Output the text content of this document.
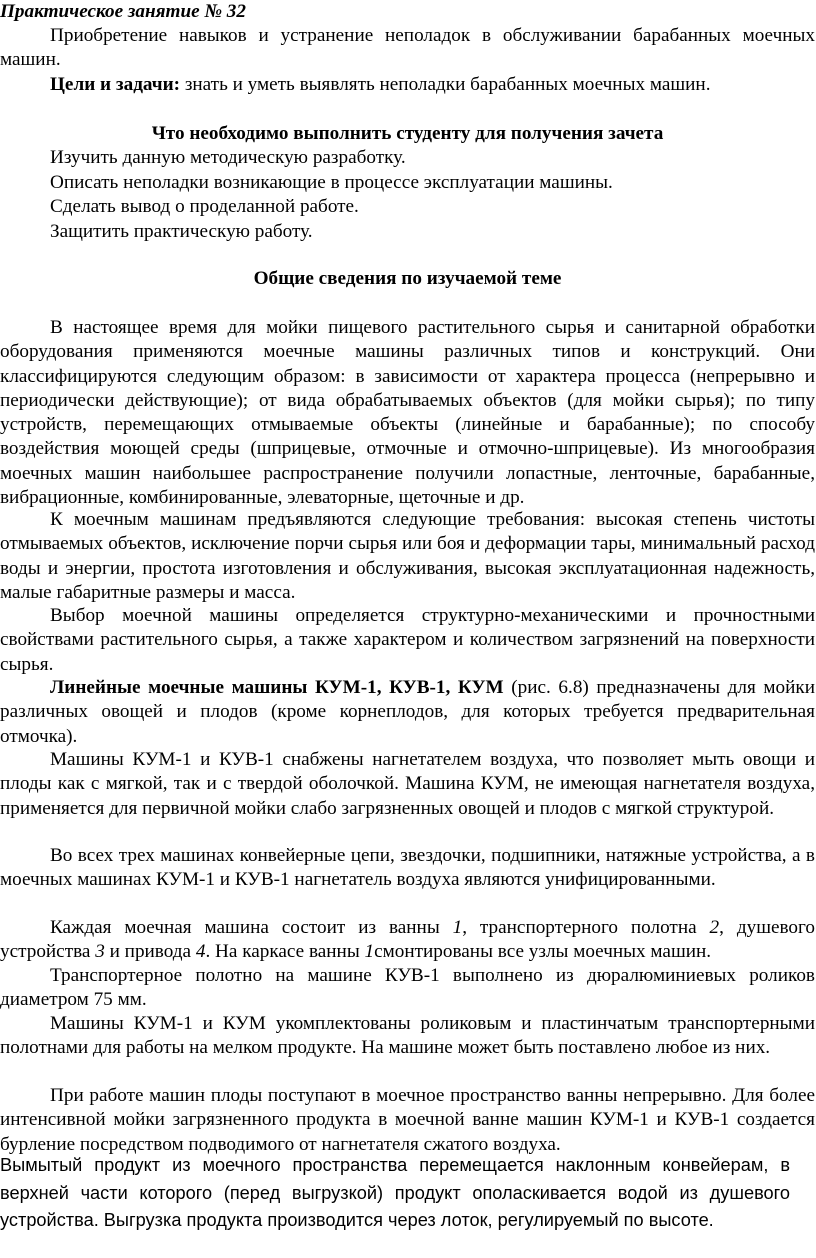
Практическое занятие № 32
Приобретение навыков и устранение неполадок в обслуживании барабанных моечных машин.
Цели и задачи: знать и уметь выявлять неполадки барабанных моечных машин.
Что необходимо выполнить студенту для получения зачета
Изучить данную методическую разработку.
Описать неполадки возникающие в процессе эксплуатации машины.
Сделать вывод о проделанной работе.
Защитить практическую работу.
Общие сведения по изучаемой теме
В настоящее время для мойки пищевого растительного сырья и санитарной обработки оборудования применяются моечные машины различных типов и конструкций. Они классифицируются следующим образом: в зависимости от характера процесса (непрерывно и периодически действующие); от вида обрабатываемых объектов (для мойки сырья); по типу устройств, перемещающих отмываемые объекты (линейные и барабанные); по способу воздействия моющей среды (шприцевые, отмочные и отмочно-шприцевые). Из многообразия моечных машин наибольшее распространение получили лопастные, ленточные, барабанные, вибрационные, комбинированные, элеваторные, щеточные и др.
К моечным машинам предъявляются следующие требования: высокая степень чистоты отмываемых объектов, исключение порчи сырья или боя и деформации тары, минимальный расход воды и энергии, простота изготовления и обслуживания, высокая эксплуатационная надежность, малые габаритные размеры и масса.
Выбор моечной машины определяется структурно-механическими и прочностными свойствами растительного сырья, а также характером и количеством загрязнений на поверхности сырья.
Линейные моечные машины КУМ-1, КУВ-1, КУМ (рис. 6.8) предназначены для мойки различных овощей и плодов (кроме корнеплодов, для которых требуется предварительная отмочка).
Машины КУМ-1 и КУВ-1 снабжены нагнетателем воздуха, что позволяет мыть овощи и плоды как с мягкой, так и с твердой оболочкой. Машина КУМ, не имеющая нагнетателя воздуха, применяется для первичной мойки слабо загрязненных овощей и плодов с мягкой структурой.
Во всех трех машинах конвейерные цепи, звездочки, подшипники, натяжные устройства, а в моечных машинах КУМ-1 и КУВ-1 нагнетатель воздуха являются унифицированными.
Каждая моечная машина состоит из ванны 1, транспортерного полотна 2, душевого устройства 3 и привода 4. На каркасе ванны 1смонтированы все узлы моечных машин.
Транспортерное полотно на машине КУВ-1 выполнено из дюралюминиевых роликов диаметром 75 мм.
Машины КУМ-1 и КУМ укомплектованы роликовым и пластинчатым транспортерными полотнами для работы на мелком продукте. На машине может быть поставлено любое из них.
При работе машин плоды поступают в моечное пространство ванны непрерывно. Для более интенсивной мойки загрязненного продукта в моечной ванне машин КУМ-1 и КУВ-1 создается бурление посредством подводимого от нагнетателя сжатого воздуха.
Вымытый продукт из моечного пространства перемещается наклонным конвейерам, в верхней части которого (перед выгрузкой) продукт ополаскивается водой из душевого устройства. Выгрузка продукта производится через лоток, регулируемый по высоте.
